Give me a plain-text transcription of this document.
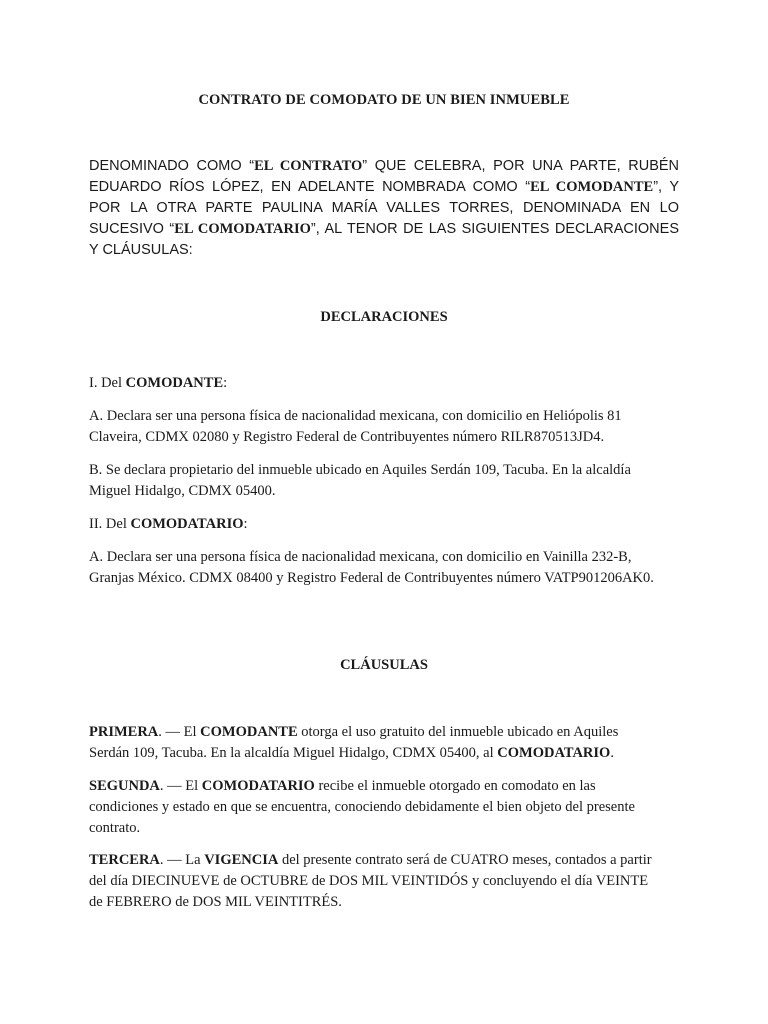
CONTRATO DE COMODATO DE UN BIEN INMUEBLE
DENOMINADO COMO “EL CONTRATO” QUE CELEBRA, POR UNA PARTE, RUBÉN EDUARDO RÍOS LÓPEZ, EN ADELANTE NOMBRADA COMO “EL COMODANTE”, Y POR LA OTRA PARTE PAULINA MARÍA VALLES TORRES, DENOMINADA EN LO SUCESIVO “EL COMODATARIO”, AL TENOR DE LAS SIGUIENTES DECLARACIONES Y CLÁUSULAS:
DECLARACIONES
I. Del COMODANTE:
A. Declara ser una persona física de nacionalidad mexicana, con domicilio en Heliópolis 81 Claveira, CDMX 02080 y Registro Federal de Contribuyentes número RILR870513JD4.
B. Se declara propietario del inmueble ubicado en Aquiles Serdán 109, Tacuba. En la alcaldía Miguel Hidalgo, CDMX 05400.
II. Del COMODATARIO:
A. Declara ser una persona física de nacionalidad mexicana, con domicilio en Vainilla 232-B, Granjas México. CDMX 08400 y Registro Federal de Contribuyentes número VATP901206AK0.
CLÁUSULAS
PRIMERA. — El COMODANTE otorga el uso gratuito del inmueble ubicado en Aquiles Serdán 109, Tacuba. En la alcaldía Miguel Hidalgo, CDMX 05400, al COMODATARIO.
SEGUNDA. — El COMODATARIO recibe el inmueble otorgado en comodato en las condiciones y estado en que se encuentra, conociendo debidamente el bien objeto del presente contrato.
TERCERA. — La VIGENCIA del presente contrato será de CUATRO meses, contados a partir del día DIECINUEVE de OCTUBRE de DOS MIL VEINTIDÓS y concluyendo el día VEINTE de FEBRERO de DOS MIL VEINTITRÉS.
